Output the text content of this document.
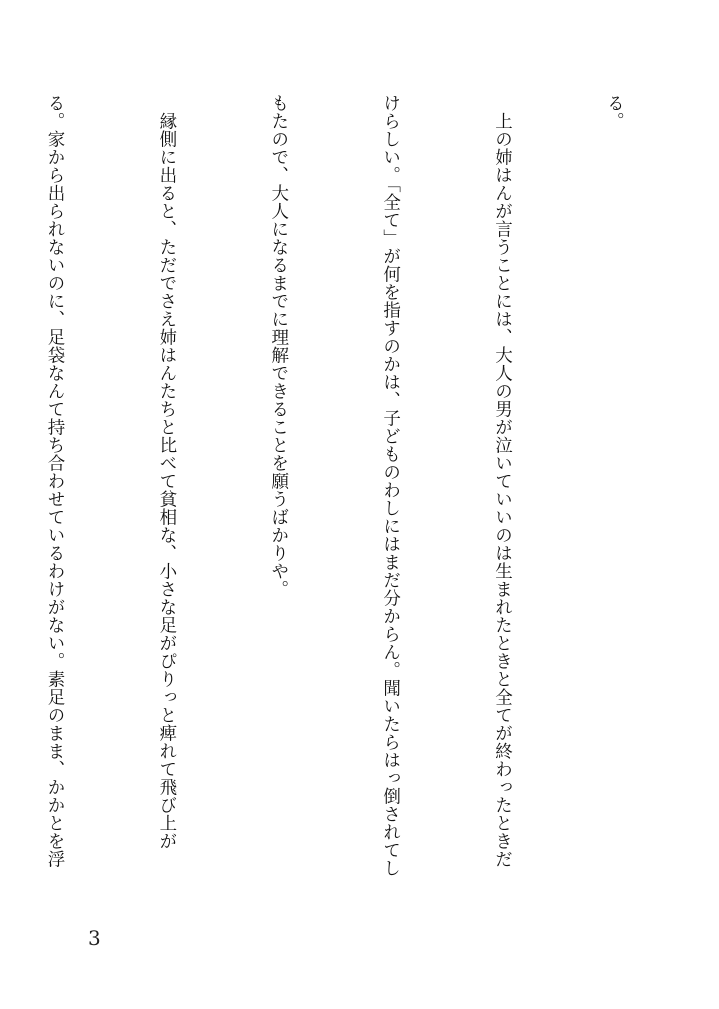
る。

　上の姉はんが言うことには、大人の男が泣いていいのは生まれたときと全てが終わったときだ

けらしい。「全て」が何を指すのかは、子どものわしにはまだ分からん。聞いたらはっ倒されてし

もたので、大人になるまでに理解できることを願うばかりや。

　縁側に出ると、ただでさえ姉はんたちと比べて貧相な、小さな足がぴりっと痺れて飛び上が

る。家から出られないのに、足袋なんて持ち合わせているわけがない。素足のまま、かかとを浮

3
